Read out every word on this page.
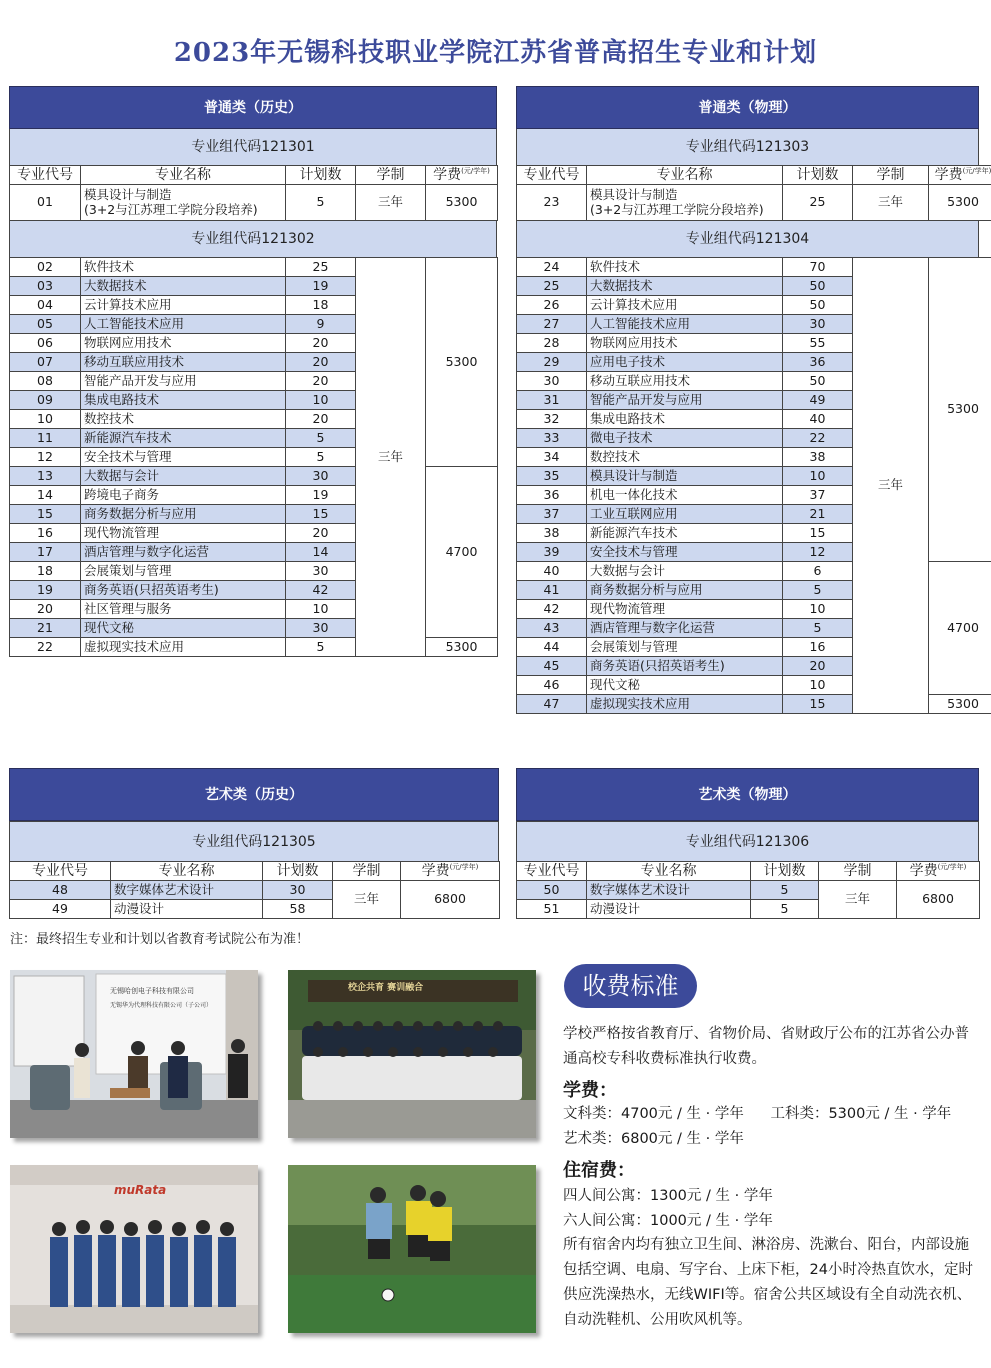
2023年无锡科技职业学院江苏省普高招生专业和计划
普通类（历史）
专业组代码121301
专业代号	专业名称	计划数	学制	学费$^{(元/学年)}$
01	模具设计与制造
(3+2与江苏理工学院分段培养)	5	三年	5300
专业组代码121302
02	软件技术	25	三年	5300
03	大数据技术	19		
04	云计算技术应用	18		
05	人工智能技术应用	9		
06	物联网应用技术	20		
07	移动互联应用技术	20		
08	智能产品开发与应用	20		
09	集成电路技术	10		
10	数控技术	20		
11	新能源汽车技术	5		
12	安全技术与管理	5		
13	大数据与会计	30		4700
14	跨境电子商务	19		
15	商务数据分析与应用	15		
16	现代物流管理	20		
17	酒店管理与数字化运营	14		
18	会展策划与管理	30		
19	商务英语(只招英语考生)	42		
20	社区管理与服务	10		
21	现代文秘	30		
22	虚拟现实技术应用	5		5300
普通类（物理）
专业组代码121303
专业代号	专业名称	计划数	学制	学费$^{(元/学年)}$
23	模具设计与制造
(3+2与江苏理工学院分段培养)	25	三年	5300
专业组代码121304
24	软件技术	70	三年	5300
25	大数据技术	50		
26	云计算技术应用	50		
27	人工智能技术应用	30		
28	物联网应用技术	55		
29	应用电子技术	36		
30	移动互联应用技术	50		
31	智能产品开发与应用	49		
32	集成电路技术	40		
33	微电子技术	22		
34	数控技术	38		
35	模具设计与制造	10		
36	机电一体化技术	37		
37	工业互联网应用	21		
38	新能源汽车技术	15		
39	安全技术与管理	12		
40	大数据与会计	6		4700
41	商务数据分析与应用	5		
42	现代物流管理	10		
43	酒店管理与数字化运营	5		
44	会展策划与管理	16		
45	商务英语(只招英语考生)	20		
46	现代文秘	10		
47	虚拟现实技术应用	15		5300
艺术类（历史）
专业组代码121305
专业代号	专业名称	计划数	学制	学费$^{(元/学年)}$
48	数字媒体艺术设计	30	三年	6800
49	动漫设计	58		
艺术类（物理）
专业组代码121306
专业代号	专业名称	计划数	学制	学费$^{(元/学年)}$
50	数字媒体艺术设计	5	三年	6800
51	动漫设计	5		
注：最终招生专业和计划以省教育考试院公布为准！
无锡哈创电子科技有限公司
无锡华为代理科技有限公司（子公司）
校企共育 赛训融合
muRata
收费标准
学校严格按省教育厅、省物价局、省财政厅公布的江苏省公办普通高校专科收费标准执行收费。
学费：
文科类：4700元 / 生 · 学年 工科类：5300元 / 生 · 学年
艺术类：6800元 / 生 · 学年
住宿费：
四人间公寓：1300元 / 生 · 学年
六人间公寓：1000元 / 生 · 学年
所有宿舍内均有独立卫生间、淋浴房、洗漱台、阳台，内部设施包括空调、电扇、写字台、上床下柜，24小时冷热直饮水，定时供应洗澡热水，无线WIFI等。宿舍公共区域设有全自动洗衣机、自动洗鞋机、公用吹风机等。
